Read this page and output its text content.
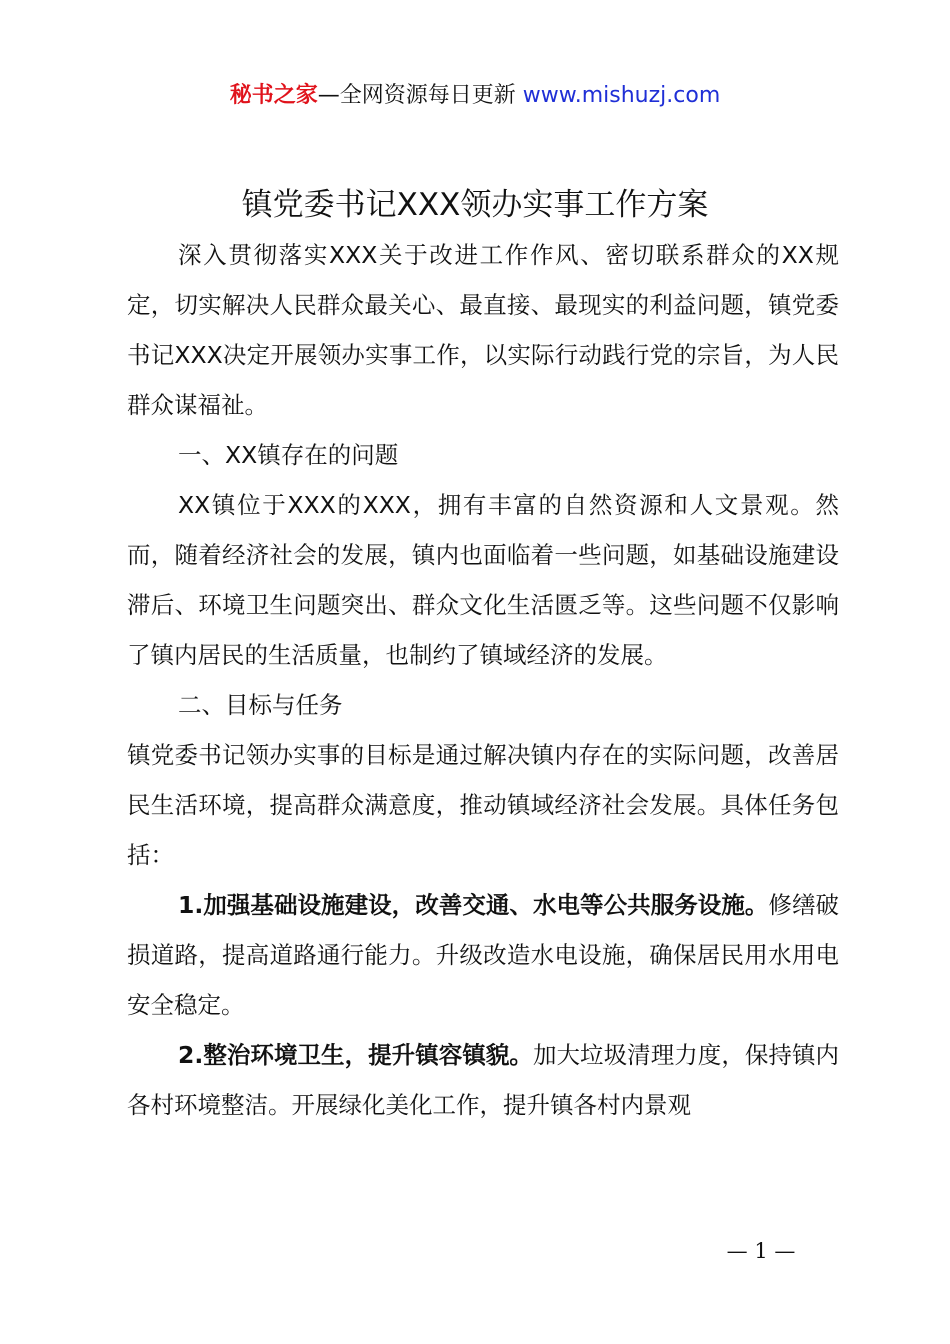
秘书之家—全网资源每日更新 www.mishuzj.com
镇党委书记XXX领办实事工作方案

深入贯彻落实XXX关于改进工作作风、密切联系群众的XX规定，切实解决人民群众最关心、最直接、最现实的利益问题，镇党委书记XXX决定开展领办实事工作，以实际行动践行党的宗旨，为人民群众谋福祉。

一、XX镇存在的问题

XX镇位于XXX的XXX，拥有丰富的自然资源和人文景观。然而，随着经济社会的发展，镇内也面临着一些问题，如基础设施建设滞后、环境卫生问题突出、群众文化生活匮乏等。这些问题不仅影响了镇内居民的生活质量，也制约了镇域经济的发展。

二、目标与任务

镇党委书记领办实事的目标是通过解决镇内存在的实际问题，改善居民生活环境，提高群众满意度，推动镇域经济社会发展。具体任务包括：

1.加强基础设施建设，改善交通、水电等公共服务设施。修缮破损道路，提高道路通行能力。升级改造水电设施，确保居民用水用电安全稳定。

2.整治环境卫生，提升镇容镇貌。加大垃圾清理力度，保持镇内各村环境整洁。开展绿化美化工作，提升镇各村内景观

— 1 —
